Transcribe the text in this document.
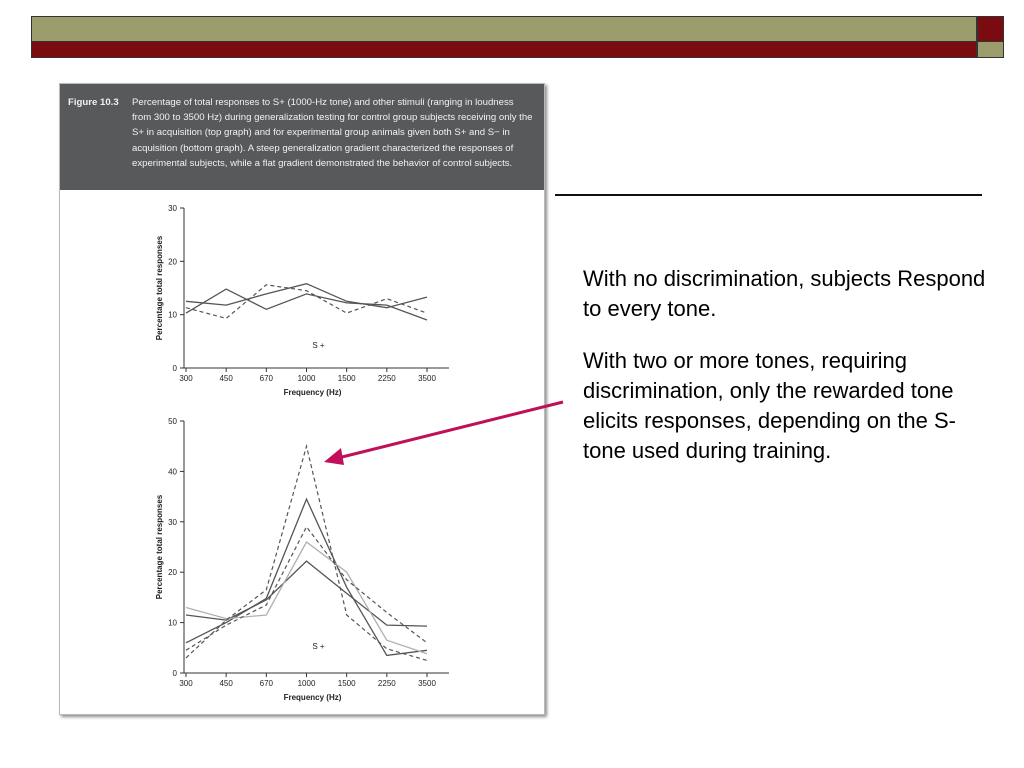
Figure 10.3 Percentage of total responses to S+ (1000-Hz tone) and other stimuli (ranging in loudness from 300 to 3500 Hz) during generalization testing for control group subjects receiving only the S+ in acquisition (top graph) and for experimental group animals given both S+ and S− in acquisition (bottom graph). A steep generalization gradient characterized the responses of experimental subjects, while a flat gradient demonstrated the behavior of control subjects.
0
10
20
30
300	450	670	1000	1500	2250	3500
Frequency (Hz)
Percentage total responses
S +
0
10
20
30
40
50
300	450	670	1000	1500	2250	3500
Frequency (Hz)
Percentage total responses
S +

With no discrimination, subjects Respond to every tone.

With two or more tones, requiring discrimination, only the rewarded tone elicits responses, depending on the S- tone used during training.
